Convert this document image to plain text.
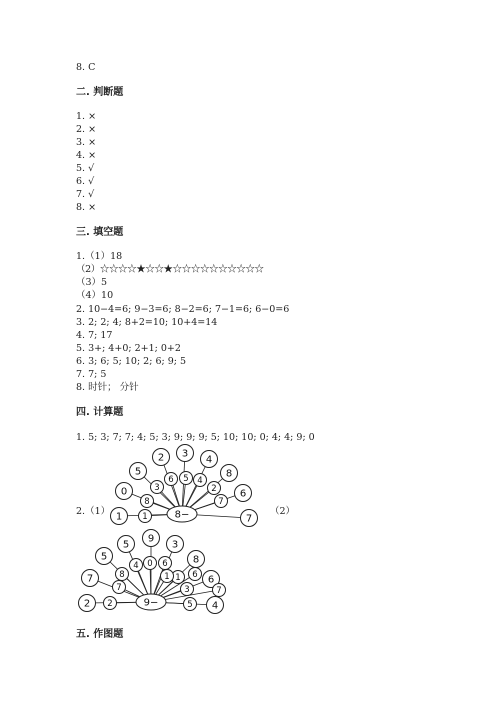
8. C
二. 判断题
1. ×
2. ×
3. ×
4. ×
5. √
6. √
7. √
8. ×
三. 填空题
1.（1）18
（2）☆☆☆☆★☆☆★☆☆☆☆☆☆☆☆☆☆
（3）5
（4）10
2. 10−4=6; 9−3=6; 8−2=6; 7−1=6; 6−0=6
3. 2; 2; 4; 8+2=10; 10+4=14
4. 7; 17
5. 3+; 4+0; 2+1; 0+2
6. 3; 6; 5; 10; 2; 6; 9; 5
7. 7; 5
8. 时针； 分针
四. 计算题
1. 5; 3; 7; 7; 4; 5; 3; 9; 9; 9; 5; 10; 10; 0; 4; 4; 9; 0
2.（1）	（2）
8−
3
2
5
6 5
4
4
8
0
8
3	2 6
7
1 1	7
9−
9
5	3
0 6
1
4
8
8
5
6
1
7
7
2
3
6
2
7
5 4
五. 作图题
